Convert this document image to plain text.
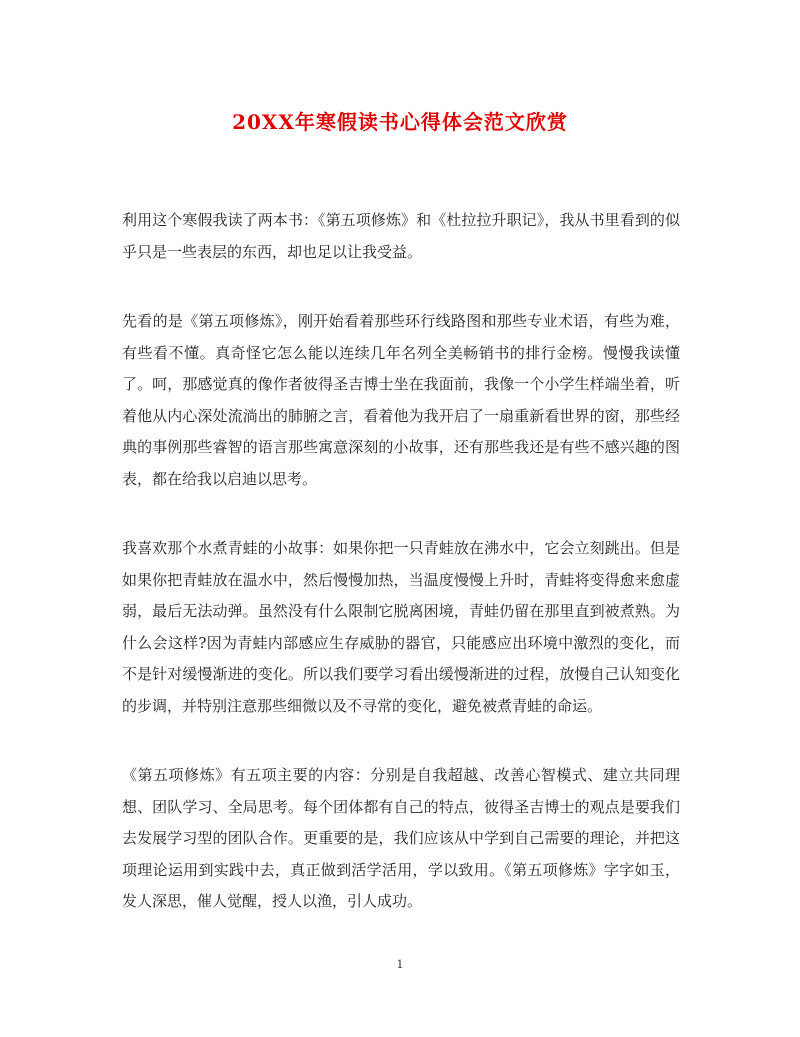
20XX年寒假读书心得体会范文欣赏

利用这个寒假我读了两本书：《第五项修炼》和《杜拉拉升职记》，我从书里看到的似乎只是一些表层的东西，却也足以让我受益。

先看的是《第五项修炼》，刚开始看着那些环行线路图和那些专业术语，有些为难，有些看不懂。真奇怪它怎么能以连续几年名列全美畅销书的排行金榜。慢慢我读懂了。呵，那感觉真的像作者彼得圣吉博士坐在我面前，我像一个小学生样端坐着，听着他从内心深处流淌出的肺腑之言，看着他为我开启了一扇重新看世界的窗，那些经典的事例那些睿智的语言那些寓意深刻的小故事，还有那些我还是有些不感兴趣的图表，都在给我以启迪以思考。

我喜欢那个水煮青蛙的小故事：如果你把一只青蛙放在沸水中，它会立刻跳出。但是如果你把青蛙放在温水中，然后慢慢加热，当温度慢慢上升时，青蛙将变得愈来愈虚弱，最后无法动弹。虽然没有什么限制它脱离困境，青蛙仍留在那里直到被煮熟。为什么会这样?因为青蛙内部感应生存威胁的器官，只能感应出环境中激烈的变化，而不是针对缓慢渐进的变化。所以我们要学习看出缓慢渐进的过程，放慢自己认知变化的步调，并特别注意那些细微以及不寻常的变化，避免被煮青蛙的命运。

《第五项修炼》有五项主要的内容：分别是自我超越、改善心智模式、建立共同理想、团队学习、全局思考。每个团体都有自己的特点，彼得圣吉博士的观点是要我们去发展学习型的团队合作。更重要的是，我们应该从中学到自己需要的理论，并把这项理论运用到实践中去，真正做到活学活用，学以致用。《第五项修炼》字字如玉，发人深思，催人觉醒，授人以渔，引人成功。

1
